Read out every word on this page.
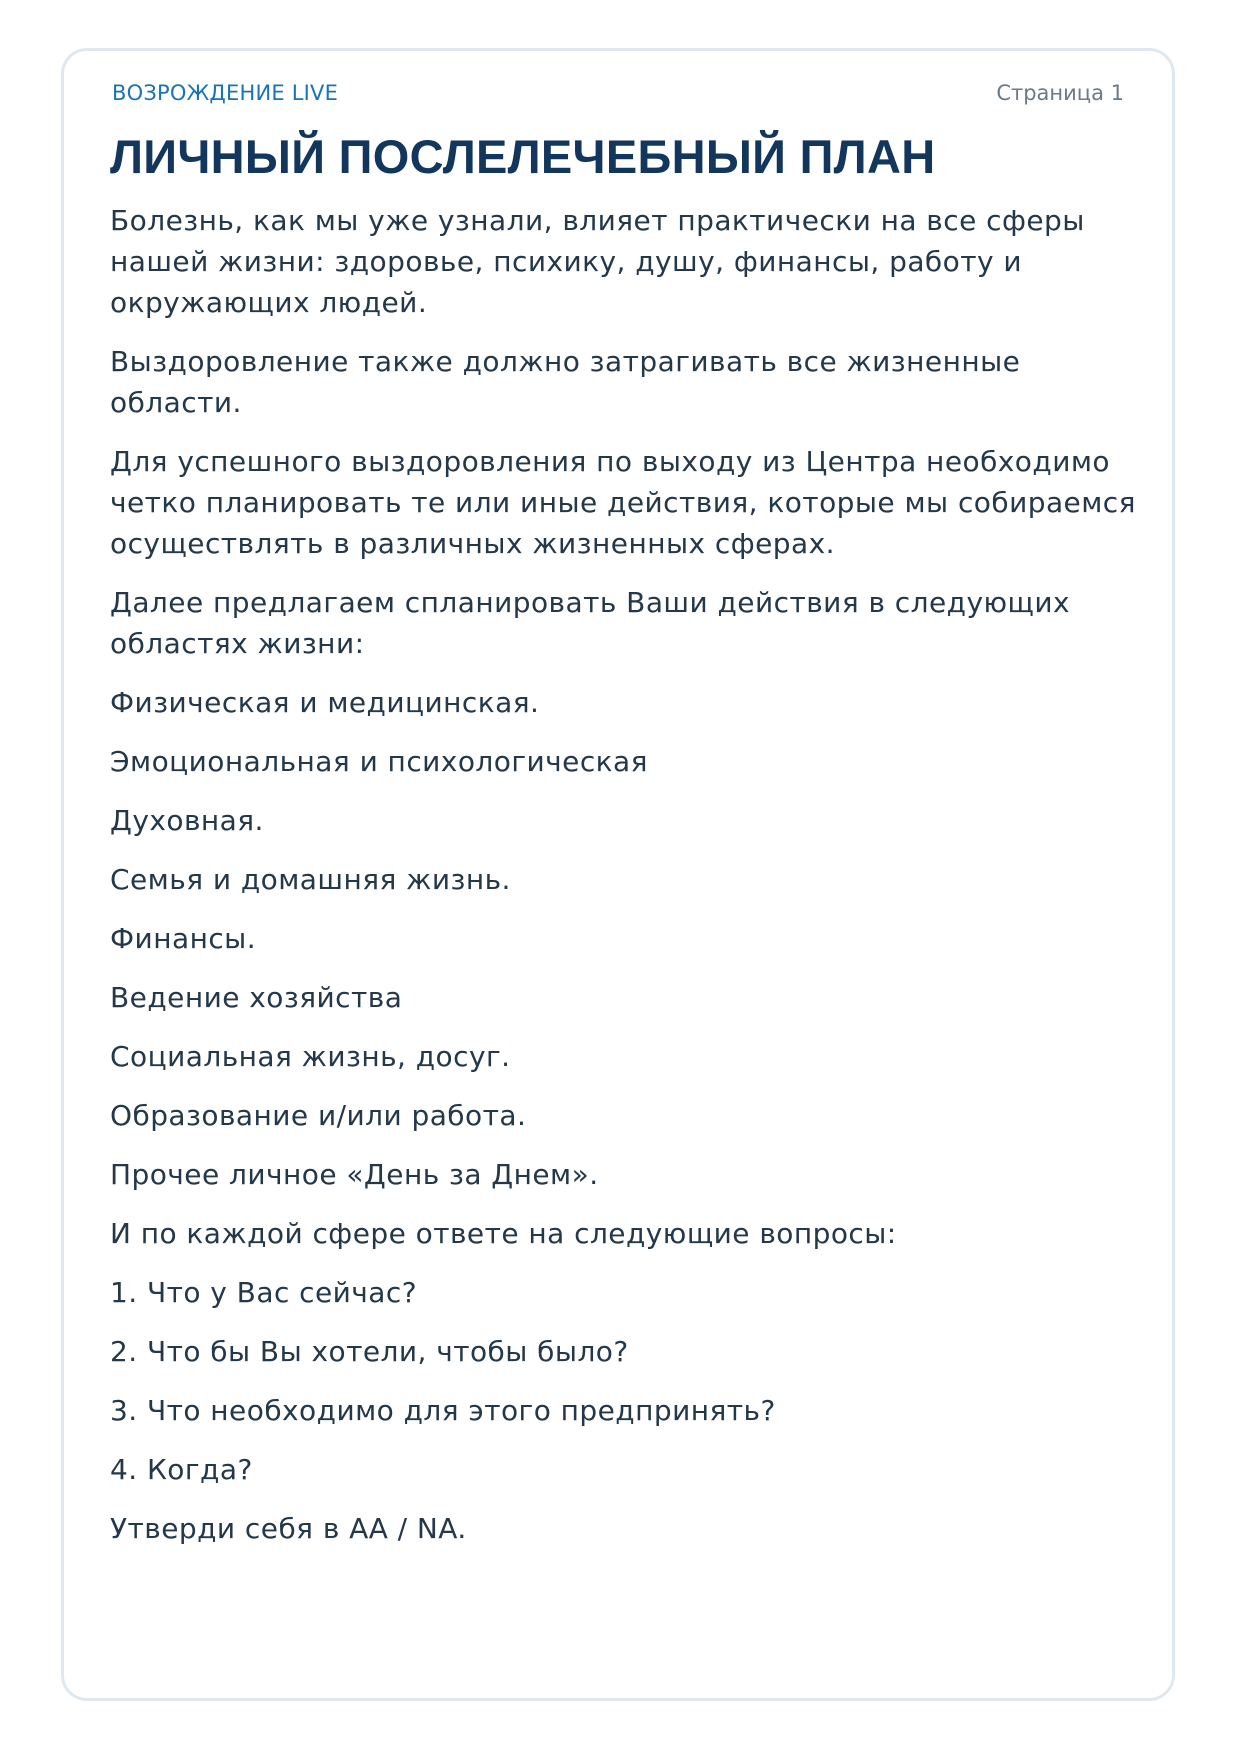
ВОЗРОЖДЕНИЕ LIVE	Страница 1
ЛИЧНЫЙ ПОСЛЕЛЕЧЕБНЫЙ ПЛАН

Болезнь, как мы уже узнали, влияет практически на все сферы нашей жизни: здоровье, психику, душу, финансы, работу и окружающих людей.

Выздоровление также должно затрагивать все жизненные области.

Для успешного выздоровления по выходу из Центра необходимо четко планировать те или иные действия, которые мы собираемся осуществлять в различных жизненных сферах.

Далее предлагаем спланировать Ваши действия в следующих областях жизни:

Физическая и медицинская.

Эмоциональная и психологическая

Духовная.

Семья и домашняя жизнь.

Финансы.

Ведение хозяйства

Социальная жизнь, досуг.

Образование и/или работа.

Прочее личное «День за Днем».

И по каждой сфере ответе на следующие вопросы:

1. Что у Вас сейчас?

2. Что бы Вы хотели, чтобы было?

3. Что необходимо для этого предпринять?

4. Когда?

Утверди себя в АА / NA.
